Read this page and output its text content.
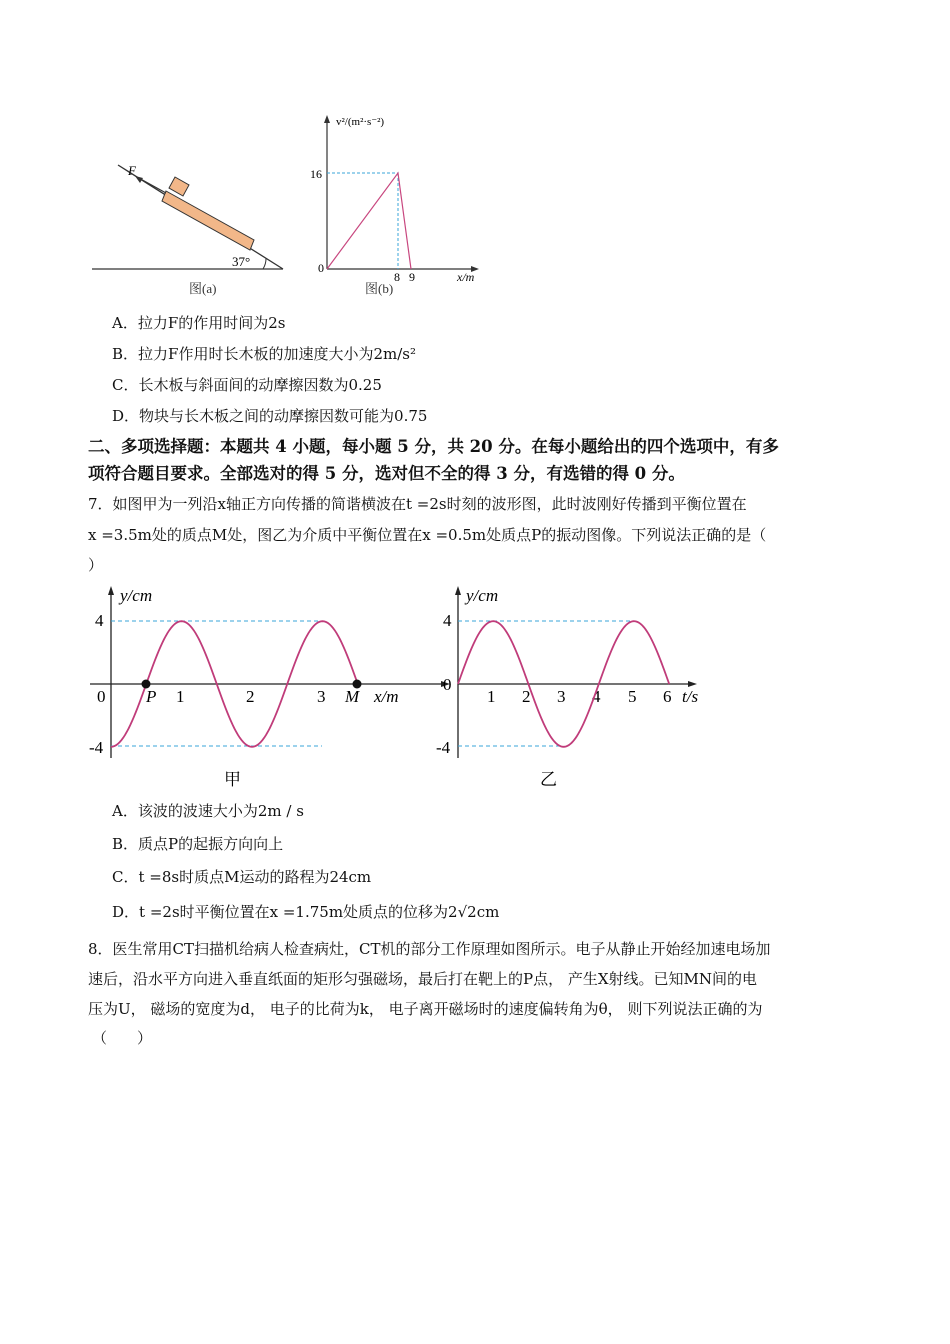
F
37°
图(a)
v²/(m²·s⁻²)
x/m
0
16
8 9
图(b)
A．拉力F的作用时间为2s
B．拉力F作用时长木板的加速度大小为2m/s²
C．长木板与斜面间的动摩擦因数为0.25
D．物块与长木板之间的动摩擦因数可能为0.75
二、多项选择题：本题共 4 小题，每小题 5 分，共 20 分。在每小题给出的四个选项中，有多
项符合题目要求。全部选对的得 5 分，选对但不全的得 3 分，有选错的得 0 分。
7．如图甲为一列沿x轴正方向传播的简谐横波在t =2s时刻的波形图，此时波刚好传播到平衡位置在
x =3.5m处的质点M处，图乙为介质中平衡位置在x =0.5m处质点P的振动图像。下列说法正确的是（
）
y/cm
x/m
4
-4
0	1	2	3
P	M
甲
y/cm
t/s
4
-4
0
1 2 3 4 5 6
乙
A．该波的波速大小为2m / s
B．质点P的起振方向向上
C．t =8s时质点M运动的路程为24cm
D．t =2s时平衡位置在x =1.75m处质点的位移为2√2cm
8．医生常用CT扫描机给病人检查病灶，CT机的部分工作原理如图所示。电子从静止开始经加速电场加
速后，沿水平方向进入垂直纸面的矩形匀强磁场，最后打在靶上的P点， 产生X射线。已知MN间的电
压为U， 磁场的宽度为d， 电子的比荷为k， 电子离开磁场时的速度偏转角为θ， 则下列说法正确的为
（　　）
